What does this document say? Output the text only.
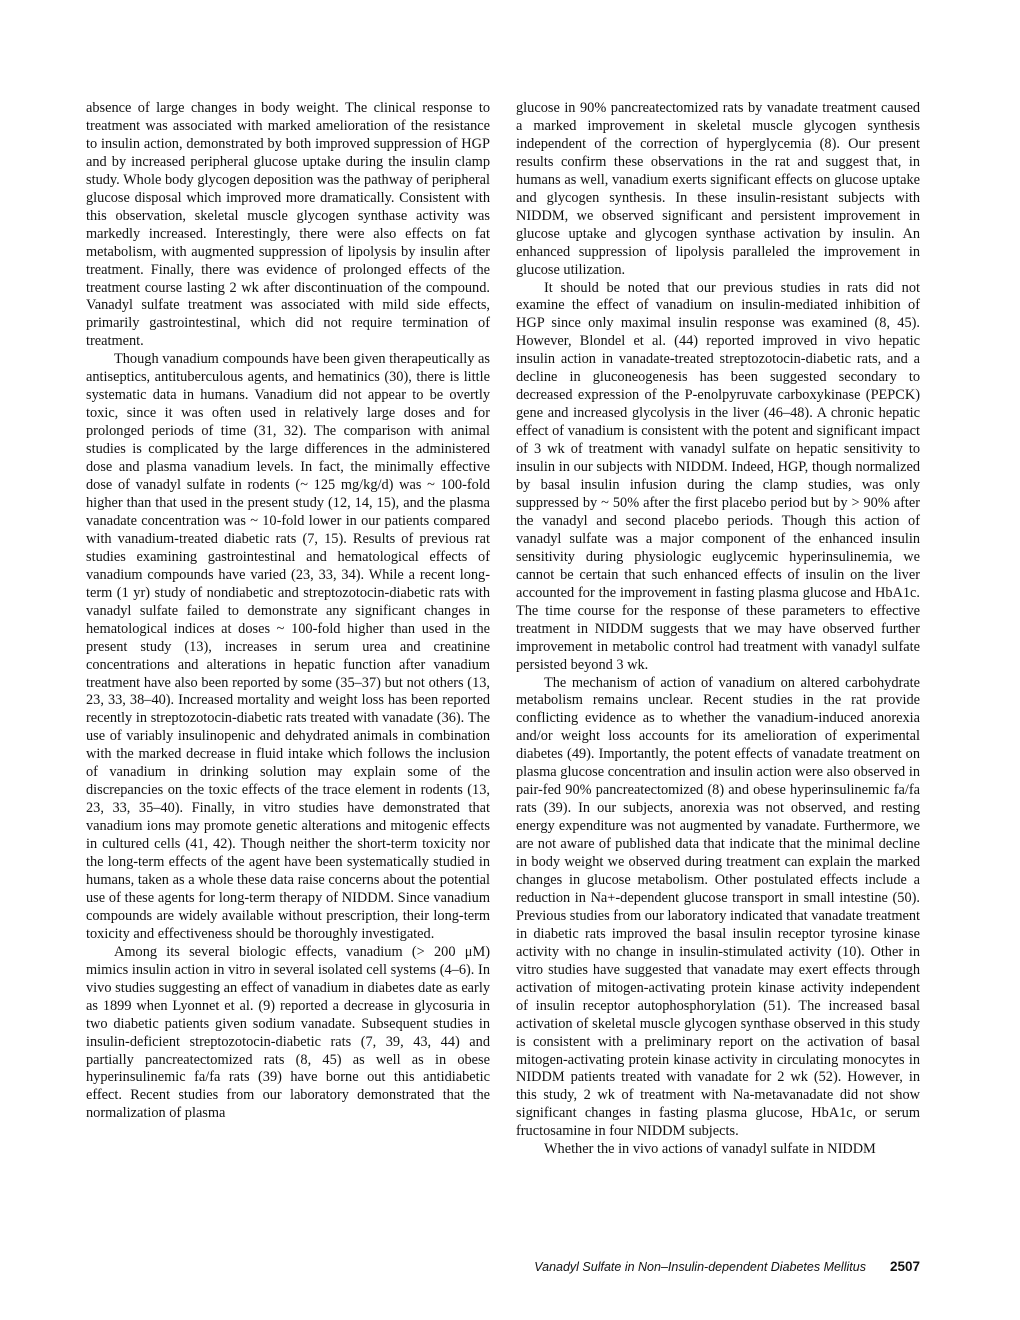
absence of large changes in body weight. The clinical response to treatment was associated with marked amelioration of the resistance to insulin action, demonstrated by both improved suppression of HGP and by increased peripheral glucose uptake during the insulin clamp study. Whole body glycogen deposition was the pathway of peripheral glucose disposal which improved more dramatically. Consistent with this observation, skeletal muscle glycogen synthase activity was markedly increased. Interestingly, there were also effects on fat metabolism, with augmented suppression of lipolysis by insulin after treatment. Finally, there was evidence of prolonged effects of the treatment course lasting 2 wk after discontinuation of the compound. Vanadyl sulfate treatment was associated with mild side effects, primarily gastrointestinal, which did not require termination of treatment.

Though vanadium compounds have been given therapeutically as antiseptics, antituberculous agents, and hematinics (30), there is little systematic data in humans. Vanadium did not appear to be overtly toxic, since it was often used in relatively large doses and for prolonged periods of time (31, 32). The comparison with animal studies is complicated by the large differences in the administered dose and plasma vanadium levels. In fact, the minimally effective dose of vanadyl sulfate in rodents (~ 125 mg/kg/d) was ~ 100-fold higher than that used in the present study (12, 14, 15), and the plasma vanadate concentration was ~ 10-fold lower in our patients compared with vanadium-treated diabetic rats (7, 15). Results of previous rat studies examining gastrointestinal and hematological effects of vanadium compounds have varied (23, 33, 34). While a recent long-term (1 yr) study of nondiabetic and streptozotocin-diabetic rats with vanadyl sulfate failed to demonstrate any significant changes in hematological indices at doses ~ 100-fold higher than used in the present study (13), increases in serum urea and creatinine concentrations and alterations in hepatic function after vanadium treatment have also been reported by some (35–37) but not others (13, 23, 33, 38–40). Increased mortality and weight loss has been reported recently in streptozotocin-diabetic rats treated with vanadate (36). The use of variably insulinopenic and dehydrated animals in combination with the marked decrease in fluid intake which follows the inclusion of vanadium in drinking solution may explain some of the discrepancies on the toxic effects of the trace element in rodents (13, 23, 33, 35–40). Finally, in vitro studies have demonstrated that vanadium ions may promote genetic alterations and mitogenic effects in cultured cells (41, 42). Though neither the short-term toxicity nor the long-term effects of the agent have been systematically studied in humans, taken as a whole these data raise concerns about the potential use of these agents for long-term therapy of NIDDM. Since vanadium compounds are widely available without prescription, their long-term toxicity and effectiveness should be thoroughly investigated.

Among its several biologic effects, vanadium (> 200 μM) mimics insulin action in vitro in several isolated cell systems (4–6). In vivo studies suggesting an effect of vanadium in diabetes date as early as 1899 when Lyonnet et al. (9) reported a decrease in glycosuria in two diabetic patients given sodium vanadate. Subsequent studies in insulin-deficient streptozotocin-diabetic rats (7, 39, 43, 44) and partially pancreatectomized rats (8, 45) as well as in obese hyperinsulinemic fa/fa rats (39) have borne out this antidiabetic effect. Recent studies from our laboratory demonstrated that the normalization of plasma

glucose in 90% pancreatectomized rats by vanadate treatment caused a marked improvement in skeletal muscle glycogen synthesis independent of the correction of hyperglycemia (8). Our present results confirm these observations in the rat and suggest that, in humans as well, vanadium exerts significant effects on glucose uptake and glycogen synthesis. In these insulin-resistant subjects with NIDDM, we observed significant and persistent improvement in glucose uptake and glycogen synthase activation by insulin. An enhanced suppression of lipolysis paralleled the improvement in glucose utilization.

It should be noted that our previous studies in rats did not examine the effect of vanadium on insulin-mediated inhibition of HGP since only maximal insulin response was examined (8, 45). However, Blondel et al. (44) reported improved in vivo hepatic insulin action in vanadate-treated streptozotocin-diabetic rats, and a decline in gluconeogenesis has been suggested secondary to decreased expression of the P-enolpyruvate carboxykinase (PEPCK) gene and increased glycolysis in the liver (46–48). A chronic hepatic effect of vanadium is consistent with the potent and significant impact of 3 wk of treatment with vanadyl sulfate on hepatic sensitivity to insulin in our subjects with NIDDM. Indeed, HGP, though normalized by basal insulin infusion during the clamp studies, was only suppressed by ~ 50% after the first placebo period but by > 90% after the vanadyl and second placebo periods. Though this action of vanadyl sulfate was a major component of the enhanced insulin sensitivity during physiologic euglycemic hyperinsulinemia, we cannot be certain that such enhanced effects of insulin on the liver accounted for the improvement in fasting plasma glucose and HbA1c. The time course for the response of these parameters to effective treatment in NIDDM suggests that we may have observed further improvement in metabolic control had treatment with vanadyl sulfate persisted beyond 3 wk.

The mechanism of action of vanadium on altered carbohydrate metabolism remains unclear. Recent studies in the rat provide conflicting evidence as to whether the vanadium-induced anorexia and/or weight loss accounts for its amelioration of experimental diabetes (49). Importantly, the potent effects of vanadate treatment on plasma glucose concentration and insulin action were also observed in pair-fed 90% pancreatectomized (8) and obese hyperinsulinemic fa/fa rats (39). In our subjects, anorexia was not observed, and resting energy expenditure was not augmented by vanadate. Furthermore, we are not aware of published data that indicate that the minimal decline in body weight we observed during treatment can explain the marked changes in glucose metabolism. Other postulated effects include a reduction in Na+-dependent glucose transport in small intestine (50). Previous studies from our laboratory indicated that vanadate treatment in diabetic rats improved the basal insulin receptor tyrosine kinase activity with no change in insulin-stimulated activity (10). Other in vitro studies have suggested that vanadate may exert effects through activation of mitogen-activating protein kinase activity independent of insulin receptor autophosphorylation (51). The increased basal activation of skeletal muscle glycogen synthase observed in this study is consistent with a preliminary report on the activation of basal mitogen-activating protein kinase activity in circulating monocytes in NIDDM patients treated with vanadate for 2 wk (52). However, in this study, 2 wk of treatment with Na-metavanadate did not show significant changes in fasting plasma glucose, HbA1c, or serum fructosamine in four NIDDM subjects.

Whether the in vivo actions of vanadyl sulfate in NIDDM

Vanadyl Sulfate in Non–Insulin-dependent Diabetes Mellitus 2507
